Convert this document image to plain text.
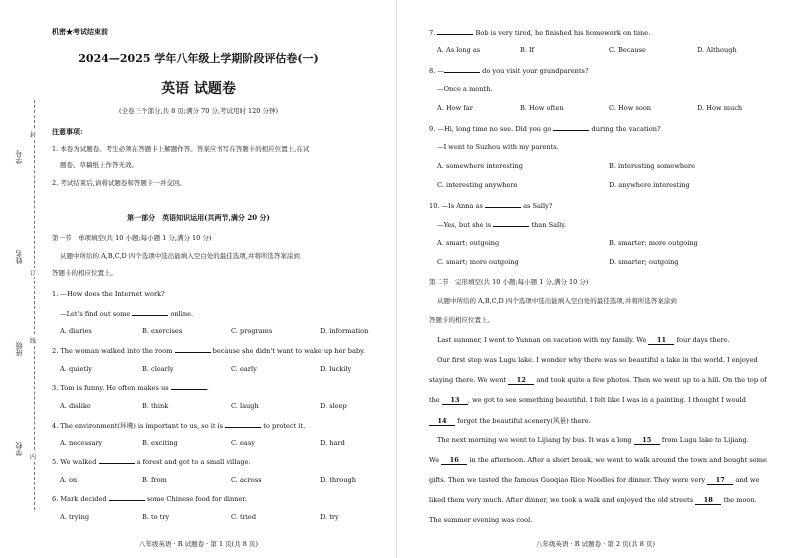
学号
姓名
班级
学校
封
订
线
内
机密★考试结束前
2024—2025 学年八年级上学期阶段评估卷(一)
英语 试题卷
(全卷三个部分,共 8 页;满分 70 分,考试用时 120 分钟)
注意事项:
1. 本卷为试题卷。考生必须在答题卡上解题作答。答案应书写在答题卡的相应位置上,在试
题卷、草稿纸上作答无效。
2. 考试结束后,请将试题卷和答题卡一并交回。
第一部分　英语知识运用(共两节,满分 20 分)
第一节　单项填空(共 10 小题;每小题 1 分,满分 10 分)
从题中所给的 A,B,C,D 四个选项中选出能填入空白处的最佳选项,并将所选答案涂到
答题卡的相应位置上。
1. —How does the Internet work?
—Let's find out some	online.
A. diaries	B. exercises	C. programs	D. information
2. The woman walked into the room	because she didn't want to wake up her baby.
A. quietly	B. clearly	C. early	D. luckily
3. Tom is funny. He often makes us	.
A. dislike	B. think	C. laugh	D. sleep
4. The environment(环境) is important to us, so it is	to protect it.
A. necessary	B. exciting	C. easy	D. hard
5. We walked	a forest and got to a small village.
A. on	B. from	C. across	D. through
6. Mark decided	some Chinese food for dinner.
A. trying	B. to try	C. tried	D. try
八年级英语 · R 试题卷 · 第 1 页(共 8 页)
7.	Bob is very tired, he finished his homework on time.
A. As long as	B. If	C. Because	D. Although
8. —	do you visit your grandparents?
—Once a month.
A. How far	B. How often	C. How soon	D. How much
9. —Hi, long time no see. Did you go	during the vacation?
—I went to Suzhou with my parents.
A. somewhere interesting	B. interesting somewhere
C. interesting anywhere	D. anywhere interesting
10. —Is Anna as	as Sally?
—Yes, but she is	than Sally.
A. smart; outgoing	B. smarter; more outgoing
C. smart; more outgoing	D. smarter; outgoing
第二节　完形填空(共 10 小题;每小题 1 分,满分 10 分)
从题中所给的 A,B,C,D 四个选项中选出能填入空白处的最佳选项,并将所选答案涂到
答题卡的相应位置上。
Last summer, I went to Yunnan on vacation with my family. We 11 four days there.
Our first stop was Lugu lake. I wonder why there was so beautiful a lake in the world. I enjoyed
staying there. We went 12 and took quite a few photos. Then we went up to a hill. On the top of
the 13 , we got to see something beautiful. I felt like I was in a painting. I thought I would
14 forget the beautiful scenery(风景) there.
The next morning we went to Lijiang by bus. It was a long 15 from Lugu lake to Lijiang.
We 16 in the afternoon. After a short break, we went to walk around the town and bought some
gifts. Then we tasted the famous Guoqiao Rice Noodles for dinner. They were very 17 and we
liked them very much. After dinner, we took a walk and enjoyed the old streets 18 the moon.
The summer evening was cool.
八年级英语 · R 试题卷 · 第 2 页(共 8 页)
